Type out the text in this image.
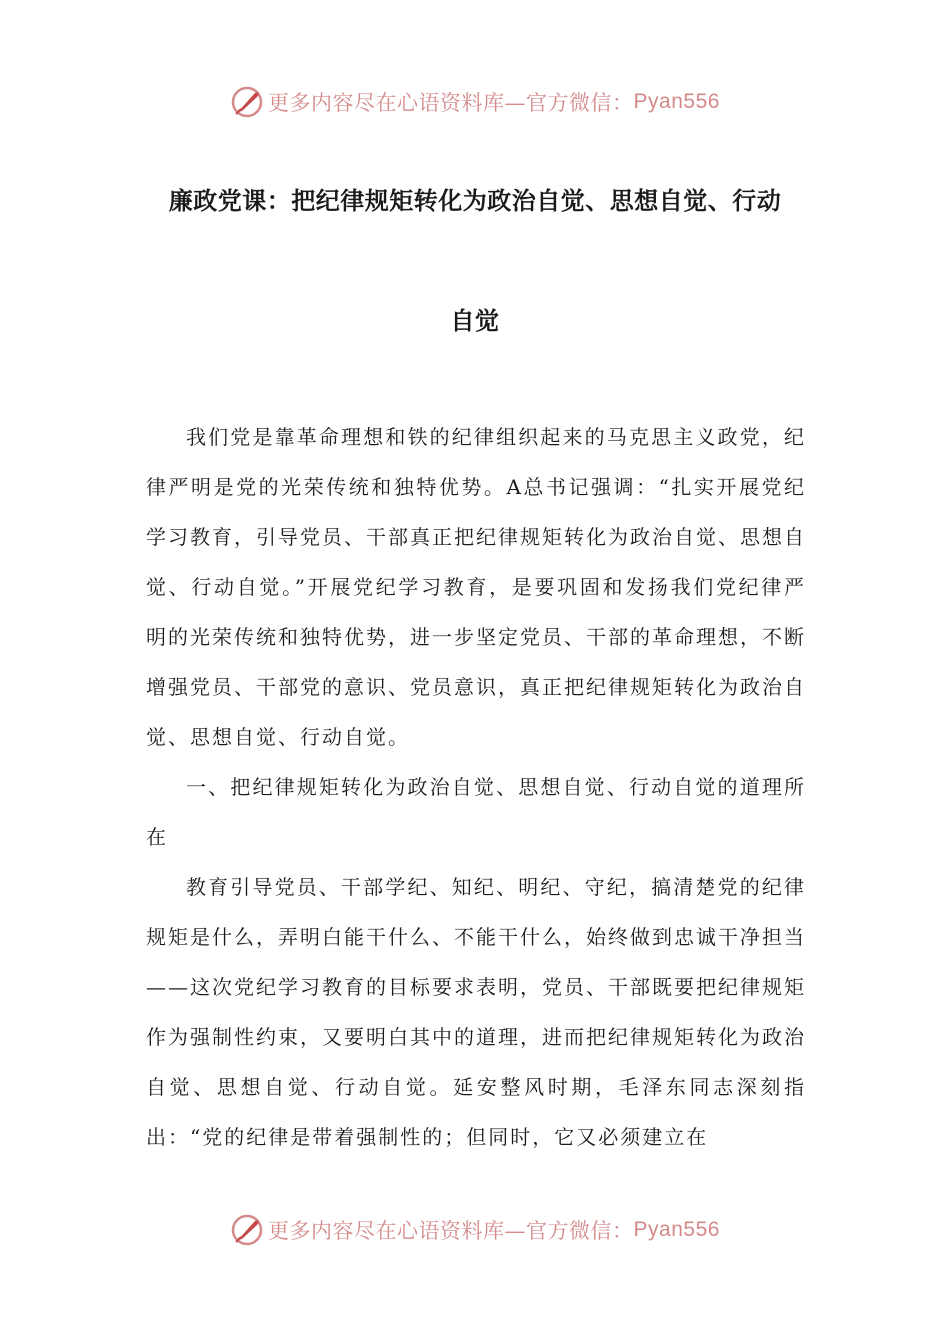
更多内容尽在心语资料库—官方微信： Pyan556
廉政党课：把纪律规矩转化为政治自觉、思想自觉、行动
自觉

我们党是靠革命理想和铁的纪律组织起来的马克思主义政党，纪律严明是党的光荣传统和独特优势。A总书记强调：“扎实开展党纪学习教育，引导党员、干部真正把纪律规矩转化为政治自觉、思想自觉、行动自觉。”开展党纪学习教育，是要巩固和发扬我们党纪律严明的光荣传统和独特优势，进一步坚定党员、干部的革命理想，不断增强党员、干部党的意识、党员意识，真正把纪律规矩转化为政治自觉、思想自觉、行动自觉。

一、把纪律规矩转化为政治自觉、思想自觉、行动自觉的道理所在

教育引导党员、干部学纪、知纪、明纪、守纪，搞清楚党的纪律规矩是什么，弄明白能干什么、不能干什么，始终做到忠诚干净担当——这次党纪学习教育的目标要求表明，党员、干部既要把纪律规矩作为强制性约束，又要明白其中的道理，进而把纪律规矩转化为政治自觉、思想自觉、行动自觉。延安整风时期，毛泽东同志深刻指出：“党的纪律是带着强制性的；但同时，它又必须建立在

更多内容尽在心语资料库—官方微信： Pyan556
